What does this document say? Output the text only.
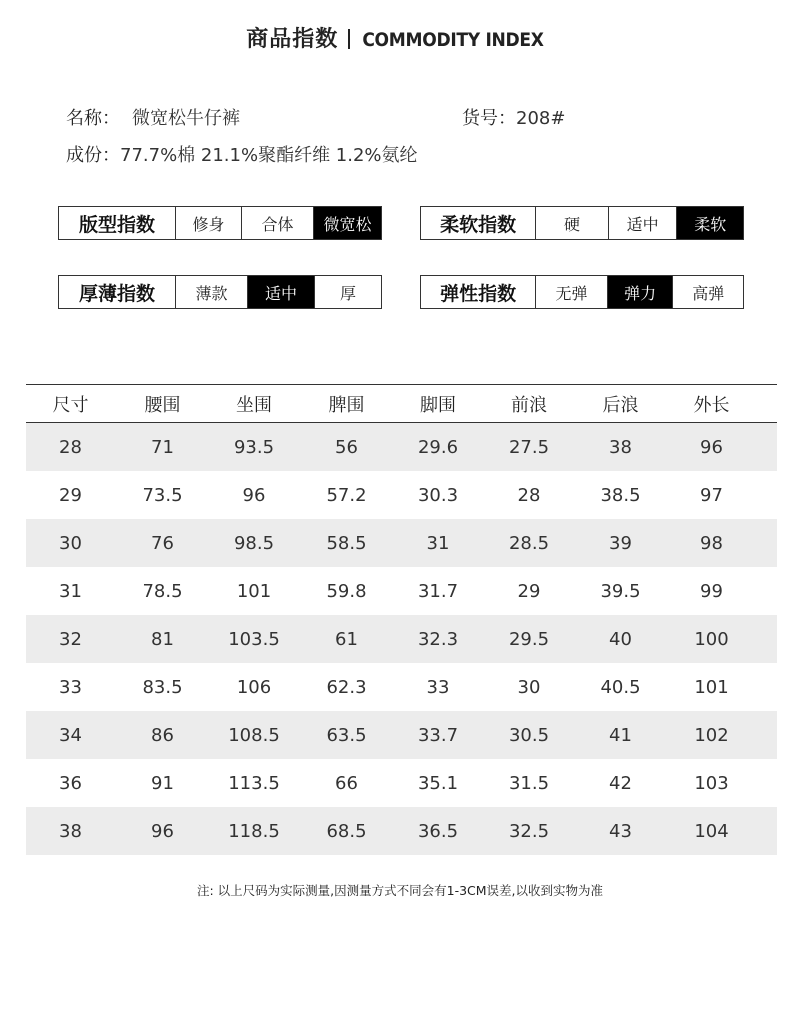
商品指数 COMMODITY INDEX
名称： 微宽松牛仔裤	货号：208#
成份：77.7%棉 21.1%聚酯纤维 1.2%氨纶
版型指数	修身	合体	微宽松	柔软指数	硬	适中	柔软
厚薄指数	薄款	适中	厚	弹性指数	无弹	弹力	高弹
尺寸	腰围	坐围	脾围	脚围	前浪	后浪	外长
28	71	93.5	56	29.6	27.5	38	96
29	73.5	96	57.2	30.3	28	38.5	97
30	76	98.5	58.5	31	28.5	39	98
31	78.5	101	59.8	31.7	29	39.5	99
32	81	103.5	61	32.3	29.5	40	100
33	83.5	106	62.3	33	30	40.5	101
34	86	108.5	63.5	33.7	30.5	41	102
36	91	113.5	66	35.1	31.5	42	103
38	96	118.5	68.5	36.5	32.5	43	104
注: 以上尺码为实际测量,因测量方式不同会有1-3CM误差,以收到实物为准
